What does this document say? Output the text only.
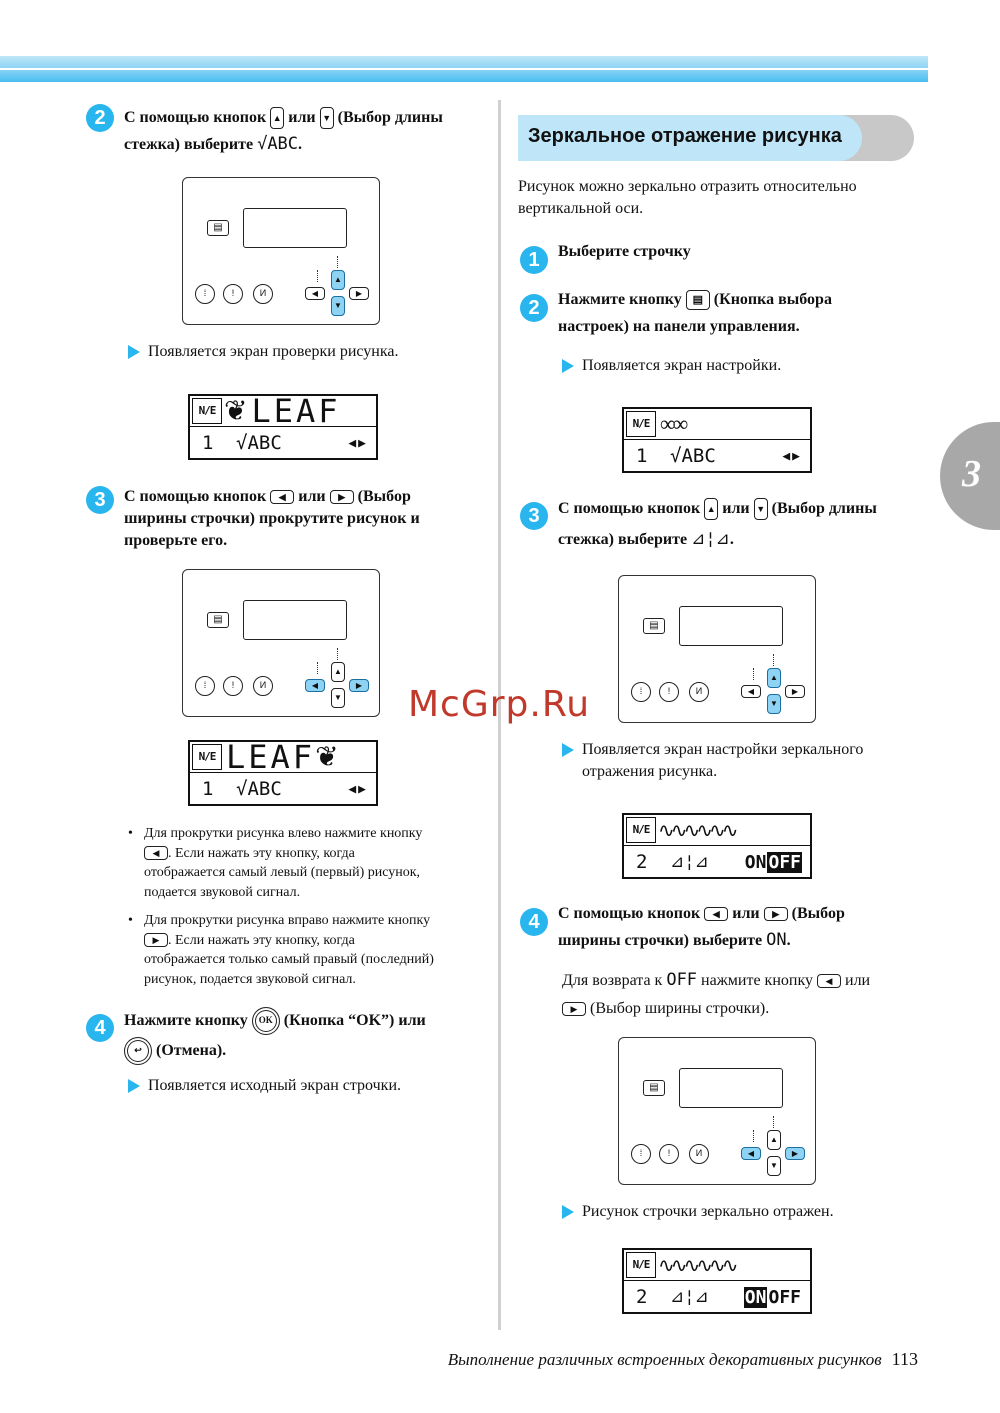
3
2	С помощью кнопок ▲ или ▼ (Выбор длины
стежка) выберите √ABC.
▤
⁞	!	И
▲
▼
◀	▶
Появляется экран проверки рисунка.
N/E ❦ LEAF
1	√ABC	◀▶
3	С помощью кнопок ◀ или ▶ (Выбор
ширины строчки) прокрутите рисунок и
проверьте его.
▤
⁞	!	И
▲
▼
◀	▶
N/E LEAF ❦
1	√ABC	◀▶
• Для прокрутки рисунка влево нажмите кнопку
◀ . Если нажать эту кнопку, когда
отображается самый левый (первый) рисунок,
подается звуковой сигнал.
• Для прокрутки рисунка вправо нажмите кнопку
▶ . Если нажать эту кнопку, когда
отображается только самый правый (последний)
рисунок, подается звуковой сигнал.
4	Нажмите кнопку OK (Кнопка “OK”) или
↩ (Отмена).
Появляется исходный экран строчки.
Зеркальное отражение рисунка
Рисунок можно зеркально отразить относительно
вертикальной оси.
1	Выберите строчку
2	Нажмите кнопку ▤ (Кнопка выбора
настроек) на панели управления.
Появляется экран настройки.
N/E ∞∞
1	√ABC	◀▶
3	С помощью кнопок ▲ или ▼ (Выбор длины
стежка) выберите ⊿¦⊿.
▤
⁞	!	И
▲
▼
◀	▶
Появляется экран настройки зеркального
отражения рисунка.
N/E ∿∿∿∿∿∿
2	⊿¦⊿	ON OFF
4	С помощью кнопок ◀ или ▶ (Выбор
ширины строчки) выберите ON.
Для возврата к OFF нажмите кнопку ◀ или
▶ (Выбор ширины строчки).
▤
⁞	!	И
▲
▼
◀	▶
Рисунок строчки зеркально отражен.
N/E ∿∿∿∿∿∿
2	⊿¦⊿	ON OFF
McGrp.Ru
Выполнение различных встроенных декоративных рисунков 113
